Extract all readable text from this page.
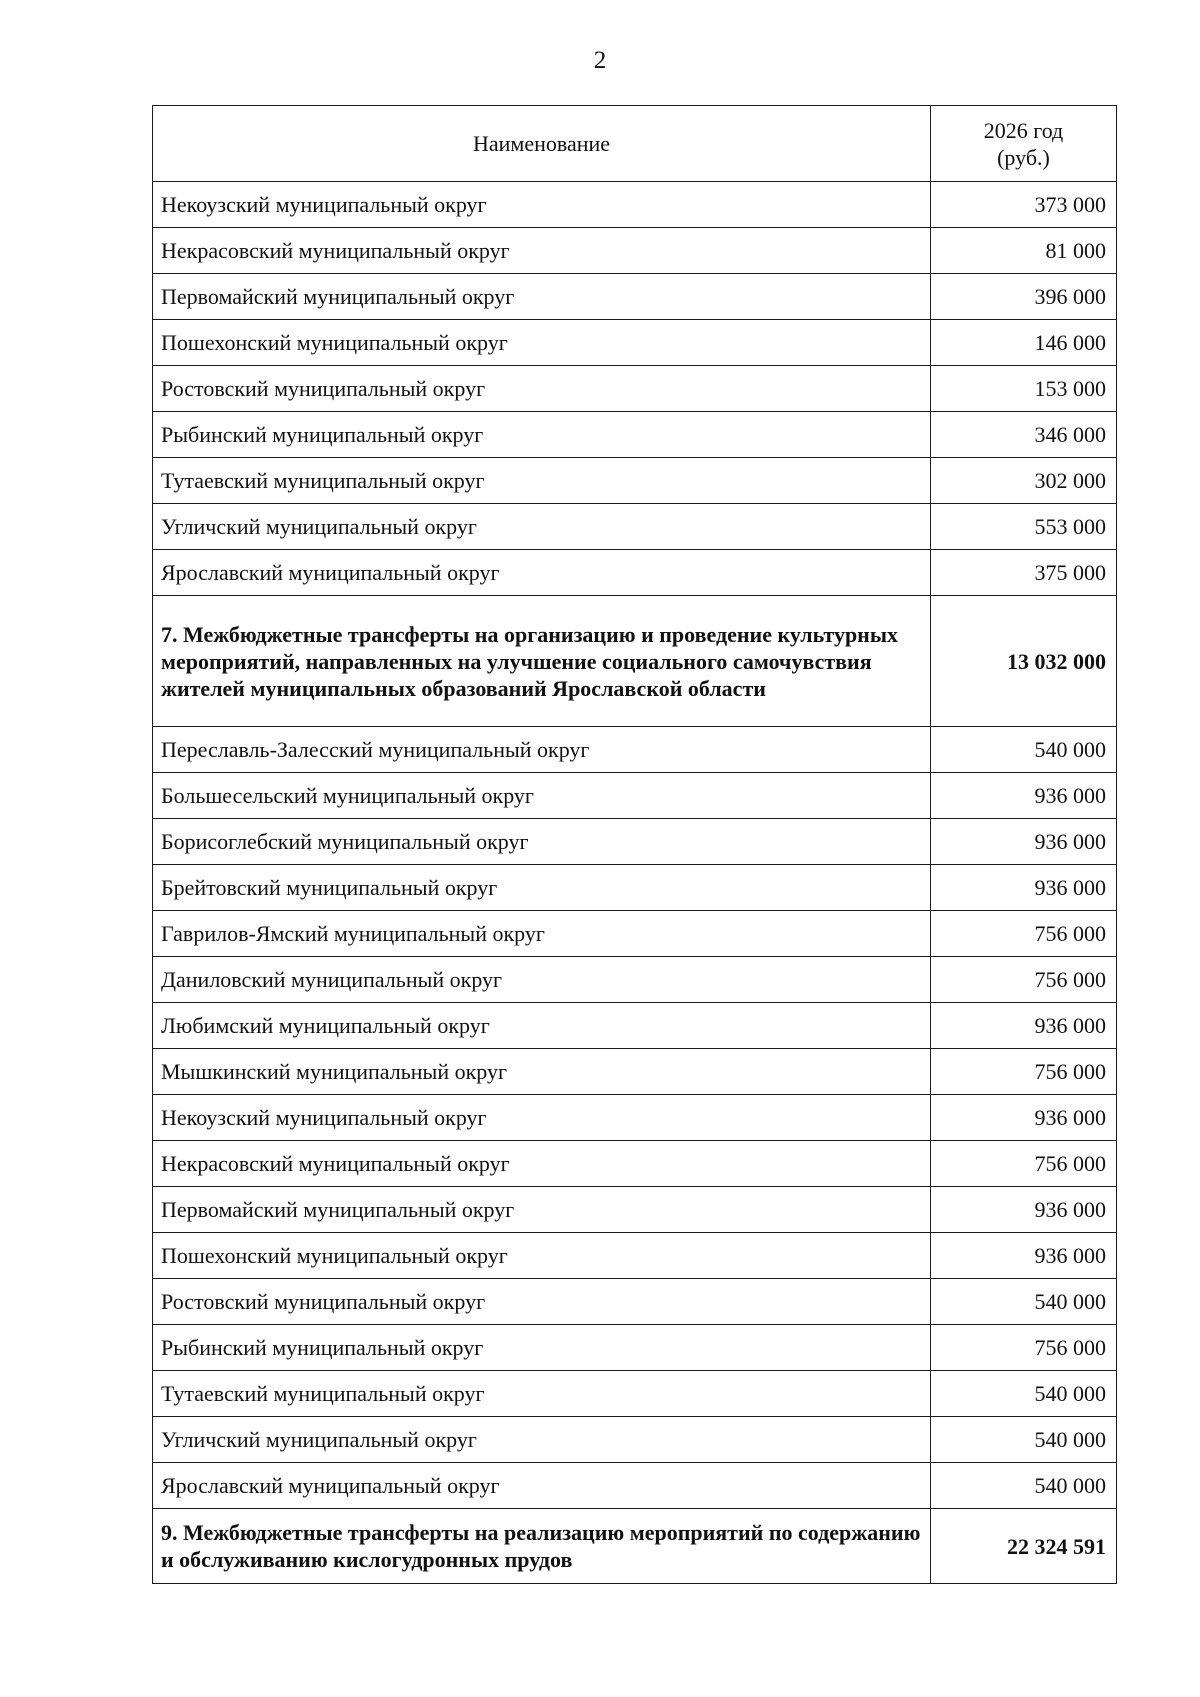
2
Наименование	2026 год
(руб.)
Некоузский муниципальный округ	373 000
Некрасовский муниципальный округ	81 000
Первомайский муниципальный округ	396 000
Пошехонский муниципальный округ	146 000
Ростовский муниципальный округ	153 000
Рыбинский муниципальный округ	346 000
Тутаевский муниципальный округ	302 000
Угличский муниципальный округ	553 000
Ярославский муниципальный округ	375 000
7. Межбюджетные трансферты на организацию и проведение культурных мероприятий, направленных на улучшение социального самочувствия жителей муниципальных образований Ярославской области	13 032 000
Переславль-Залесский муниципальный округ	540 000
Большесельский муниципальный округ	936 000
Борисоглебский муниципальный округ	936 000
Брейтовский муниципальный округ	936 000
Гаврилов-Ямский муниципальный округ	756 000
Даниловский муниципальный округ	756 000
Любимский муниципальный округ	936 000
Мышкинский муниципальный округ	756 000
Некоузский муниципальный округ	936 000
Некрасовский муниципальный округ	756 000
Первомайский муниципальный округ	936 000
Пошехонский муниципальный округ	936 000
Ростовский муниципальный округ	540 000
Рыбинский муниципальный округ	756 000
Тутаевский муниципальный округ	540 000
Угличский муниципальный округ	540 000
Ярославский муниципальный округ	540 000
9. Межбюджетные трансферты на реализацию мероприятий по содержанию и обслуживанию кислогудронных прудов	22 324 591
